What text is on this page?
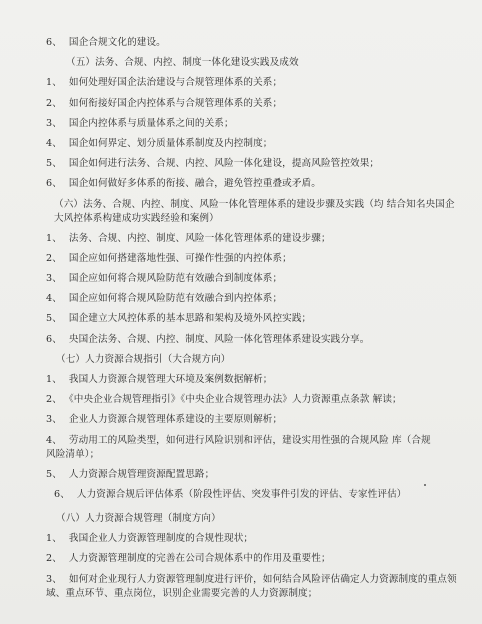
6、 国企合规文化的建设。
（五）法务、合规、内控、制度一体化建设实践及成效
1、 如何处理好国企法治建设与合规管理体系的关系；
2、 如何衔接好国企内控体系与合规管理体系的关系；
3、 国企内控体系与质量体系之间的关系；
4、 国企如何界定、划分质量体系制度及内控制度；
5、 国企如何进行法务、合规、内控、风险一体化建设，提高风险管控效果；
6、 国企如何做好多体系的衔接、融合，避免管控重叠或矛盾。
（六）法务、合规、内控、制度、风险一体化管理体系的建设步骤及实践（均 结合知名央国企大风控体系构建成功实践经验和案例）
1、 法务、合规、内控、制度、风险一体化管理体系的建设步骤；
2、 国企应如何搭建落地性强、可操作性强的内控体系；
3、 国企应如何将合规风险防范有效融合到制度体系；
4、 国企应如何将合规风险防范有效融合到内控体系；
5、 国企建立大风控体系的基本思路和架构及境外风控实践；
6、 央国企法务、合规、内控、制度、风险一体化管理体系建设实践分享。
（七）人力资源合规指引（大合规方向）
1、 我国人力资源合规管理大环境及案例数据解析；
2、 《中央企业合规管理指引》《中央企业合规管理办法》人力资源重点条款 解读；
3、 企业人力资源合规管理体系建设的主要原则解析；
4、 劳动用工的风险类型，如何进行风险识别和评估，建设实用性强的合规风险 库（合规风险清单）；
5、 人力资源合规管理资源配置思路；
6、 人力资源合规后评估体系（阶段性评估、突发事件引发的评估、专家性评估）
（八）人力资源合规管理（制度方向）
1、 我国企业人力资源管理制度的合规性现状；
2、 人力资源管理制度的完善在公司合规体系中的作用及重要性；
3、 如何对企业现行人力资源管理制度进行评价，如何结合风险评估确定人力资源制度的重点领域、重点环节、重点岗位，识别企业需要完善的人力资源制度；
